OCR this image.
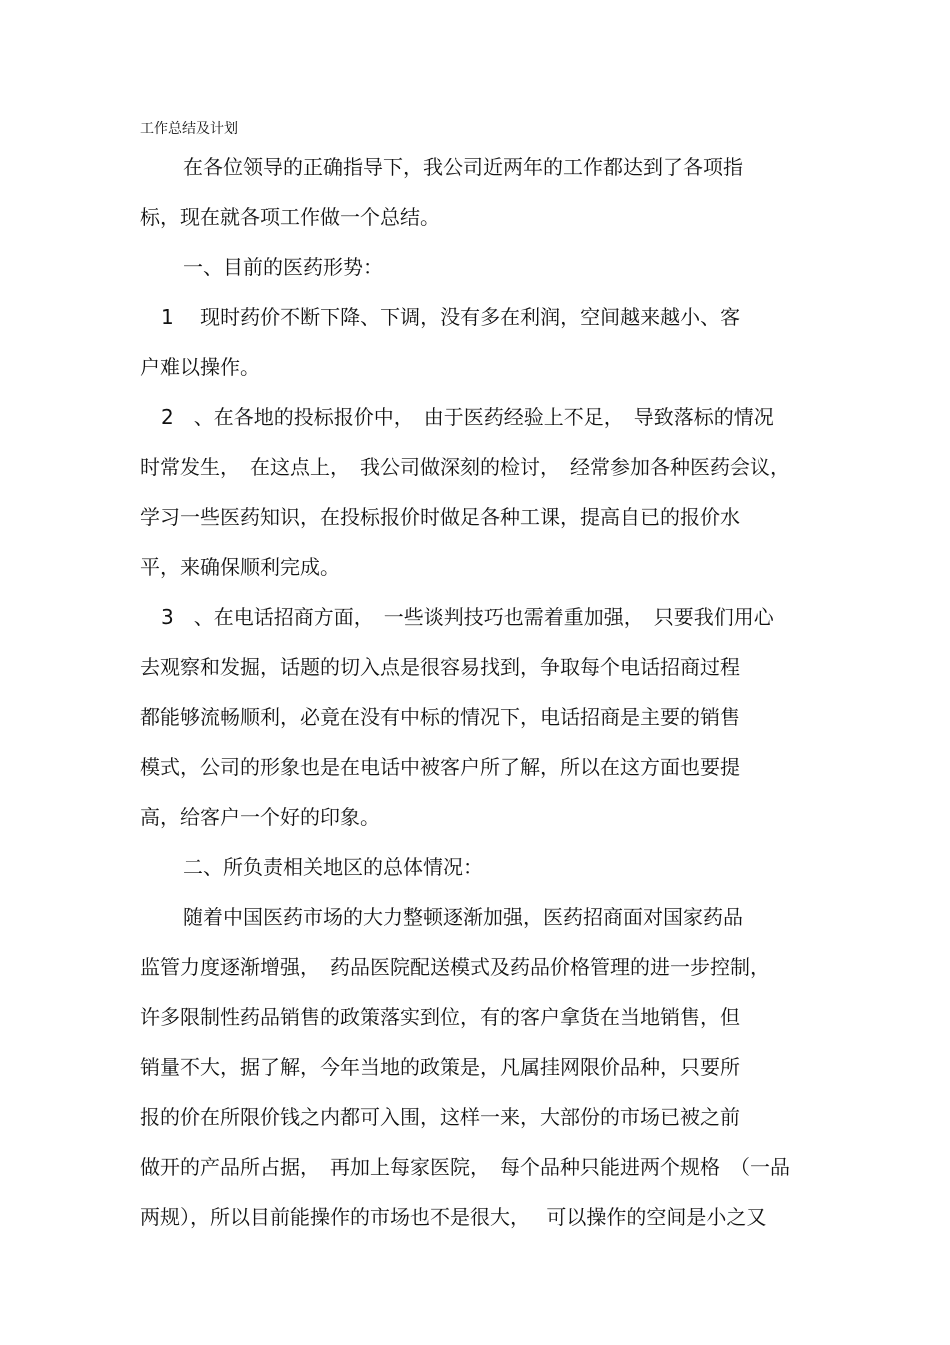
工作总结及计划
在各位领导的正确指导下，我公司近两年的工作都达到了各项指
标，现在就各项工作做一个总结。
一、目前的医药形势：
1　 现时药价不断下降、下调，没有多在利润，空间越来越小、客
户难以操作。
2　、在各地的投标报价中，　由于医药经验上不足，　导致落标的情况
时常发生，　在这点上，　我公司做深刻的检讨，　经常参加各种医药会议，
学习一些医药知识，在投标报价时做足各种工课，提高自已的报价水
平，来确保顺利完成。
3　、在电话招商方面，　一些谈判技巧也需着重加强，　只要我们用心
去观察和发掘，话题的切入点是很容易找到，争取每个电话招商过程
都能够流畅顺利，必竟在没有中标的情况下，电话招商是主要的销售
模式，公司的形象也是在电话中被客户所了解，所以在这方面也要提
高，给客户一个好的印象。
二、所负责相关地区的总体情况：
随着中国医药市场的大力整顿逐渐加强，医药招商面对国家药品
监管力度逐渐增强，　药品医院配送模式及药品价格管理的进一步控制，
许多限制性药品销售的政策落实到位，有的客户拿货在当地销售，但
销量不大，据了解，今年当地的政策是，凡属挂网限价品种，只要所
报的价在所限价钱之内都可入围，这样一来，大部份的市场已被之前
做开的产品所占据，　再加上每家医院，　每个品种只能进两个规格　（一品
两规），所以目前能操作的市场也不是很大，　 可以操作的空间是小之又
